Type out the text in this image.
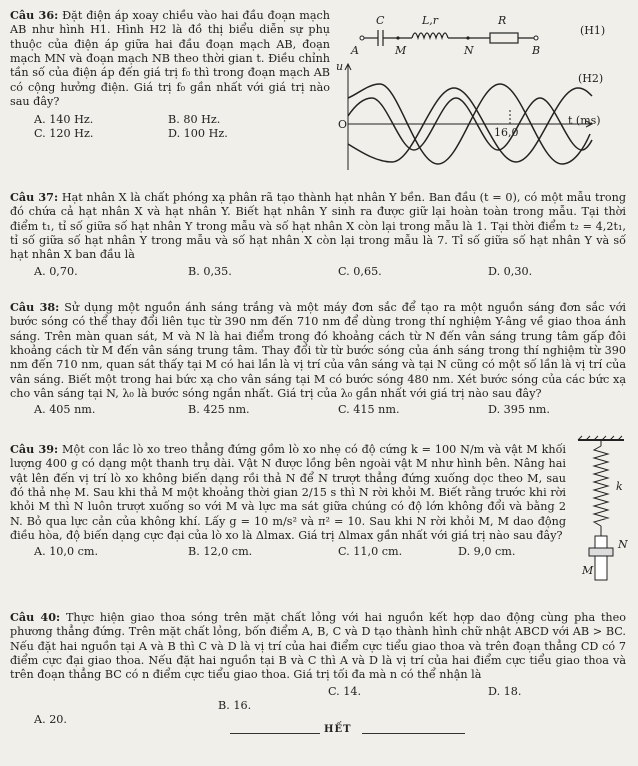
Câu 36: Đặt điện áp xoay chiều vào hai đầu đoạn mạch AB như hình H1. Hình H2 là đồ thị biểu diễn sự phụ thuộc của điện áp giữa hai đầu đoạn mạch AB, đoạn mạch MN và đoạn mạch NB theo thời gian t. Điều chỉnh tần số của điện áp đến giá trị f₀ thì trong đoạn mạch AB có cộng hưởng điện. Giá trị f₀ gần nhất với giá trị nào sau đây?

A. 140 Hz.	B. 80 Hz.
C. 120 Hz.	D. 100 Hz.
C	L,r	R
A	M	N	B
(H1)
u
O
16,0
t (ms)
(H2)

Câu 37: Hạt nhân X là chất phóng xạ phân rã tạo thành hạt nhân Y bền. Ban đầu (t = 0), có một mẫu trong đó chứa cả hạt nhân X và hạt nhân Y. Biết hạt nhân Y sinh ra được giữ lại hoàn toàn trong mẫu. Tại thời điểm t₁, tỉ số giữa số hạt nhân Y trong mẫu và số hạt nhân X còn lại trong mẫu là 1. Tại thời điểm t₂ = 4,2t₁, tỉ số giữa số hạt nhân Y trong mẫu và số hạt nhân X còn lại trong mẫu là 7. Tỉ số giữa số hạt nhân Y và số hạt nhân X ban đầu là

A. 0,70.	B. 0,35.	C. 0,65.	D. 0,30.

Câu 38: Sử dụng một nguồn ánh sáng trắng và một máy đơn sắc để tạo ra một nguồn sáng đơn sắc với bước sóng có thể thay đổi liên tục từ 390 nm đến 710 nm để dùng trong thí nghiệm Y-âng về giao thoa ánh sáng. Trên màn quan sát, M và N là hai điểm trong đó khoảng cách từ N đến vân sáng trung tâm gấp đôi khoảng cách từ M đến vân sáng trung tâm. Thay đổi từ từ bước sóng của ánh sáng trong thí nghiệm từ 390 nm đến 710 nm, quan sát thấy tại M có hai lần là vị trí của vân sáng và tại N cũng có một số lần là vị trí của vân sáng. Biết một trong hai bức xạ cho vân sáng tại M có bước sóng 480 nm. Xét bước sóng của các bức xạ cho vân sáng tại N, λ₀ là bước sóng ngắn nhất. Giá trị của λ₀ gần nhất với giá trị nào sau đây?

A. 405 nm.	B. 425 nm.	C. 415 nm.	D. 395 nm.

Câu 39: Một con lắc lò xo treo thẳng đứng gồm lò xo nhẹ có độ cứng k = 100 N/m và vật M khối lượng 400 g có dạng một thanh trụ dài. Vật N được lồng bên ngoài vật M như hình bên. Nâng hai vật lên đến vị trí lò xo không biến dạng rồi thả N để N trượt thẳng đứng xuống dọc theo M, sau đó thả nhẹ M. Sau khi thả M một khoảng thời gian 2/15 s thì N rời khỏi M. Biết rằng trước khi rời khỏi M thì N luôn trượt xuống so với M và lực ma sát giữa chúng có độ lớn không đổi và bằng 2 N. Bỏ qua lực cản của không khí. Lấy g = 10 m/s² và π² = 10. Sau khi N rời khỏi M, M dao động điều hòa, độ biến dạng cực đại của lò xo là Δlmax. Giá trị Δlmax gần nhất với giá trị nào sau đây?

A. 10,0 cm.	B. 12,0 cm.	C. 11,0 cm.	D. 9,0 cm.
k
N
M

Câu 40: Thực hiện giao thoa sóng trên mặt chất lỏng với hai nguồn kết hợp dao động cùng pha theo phương thẳng đứng. Trên mặt chất lỏng, bốn điểm A, B, C và D tạo thành hình chữ nhật ABCD với AB > BC. Nếu đặt hai nguồn tại A và B thì C và D là vị trí của hai điểm cực tiểu giao thoa và trên đoạn thẳng CD có 7 điểm cực đại giao thoa. Nếu đặt hai nguồn tại B và C thì A và D là vị trí của hai điểm cực tiểu giao thoa và trên đoạn thẳng BC có n điểm cực tiểu giao thoa. Giá trị tối đa mà n có thể nhận là

C. 14.	D. 18.
B. 16.
A. 20.
HẾT
